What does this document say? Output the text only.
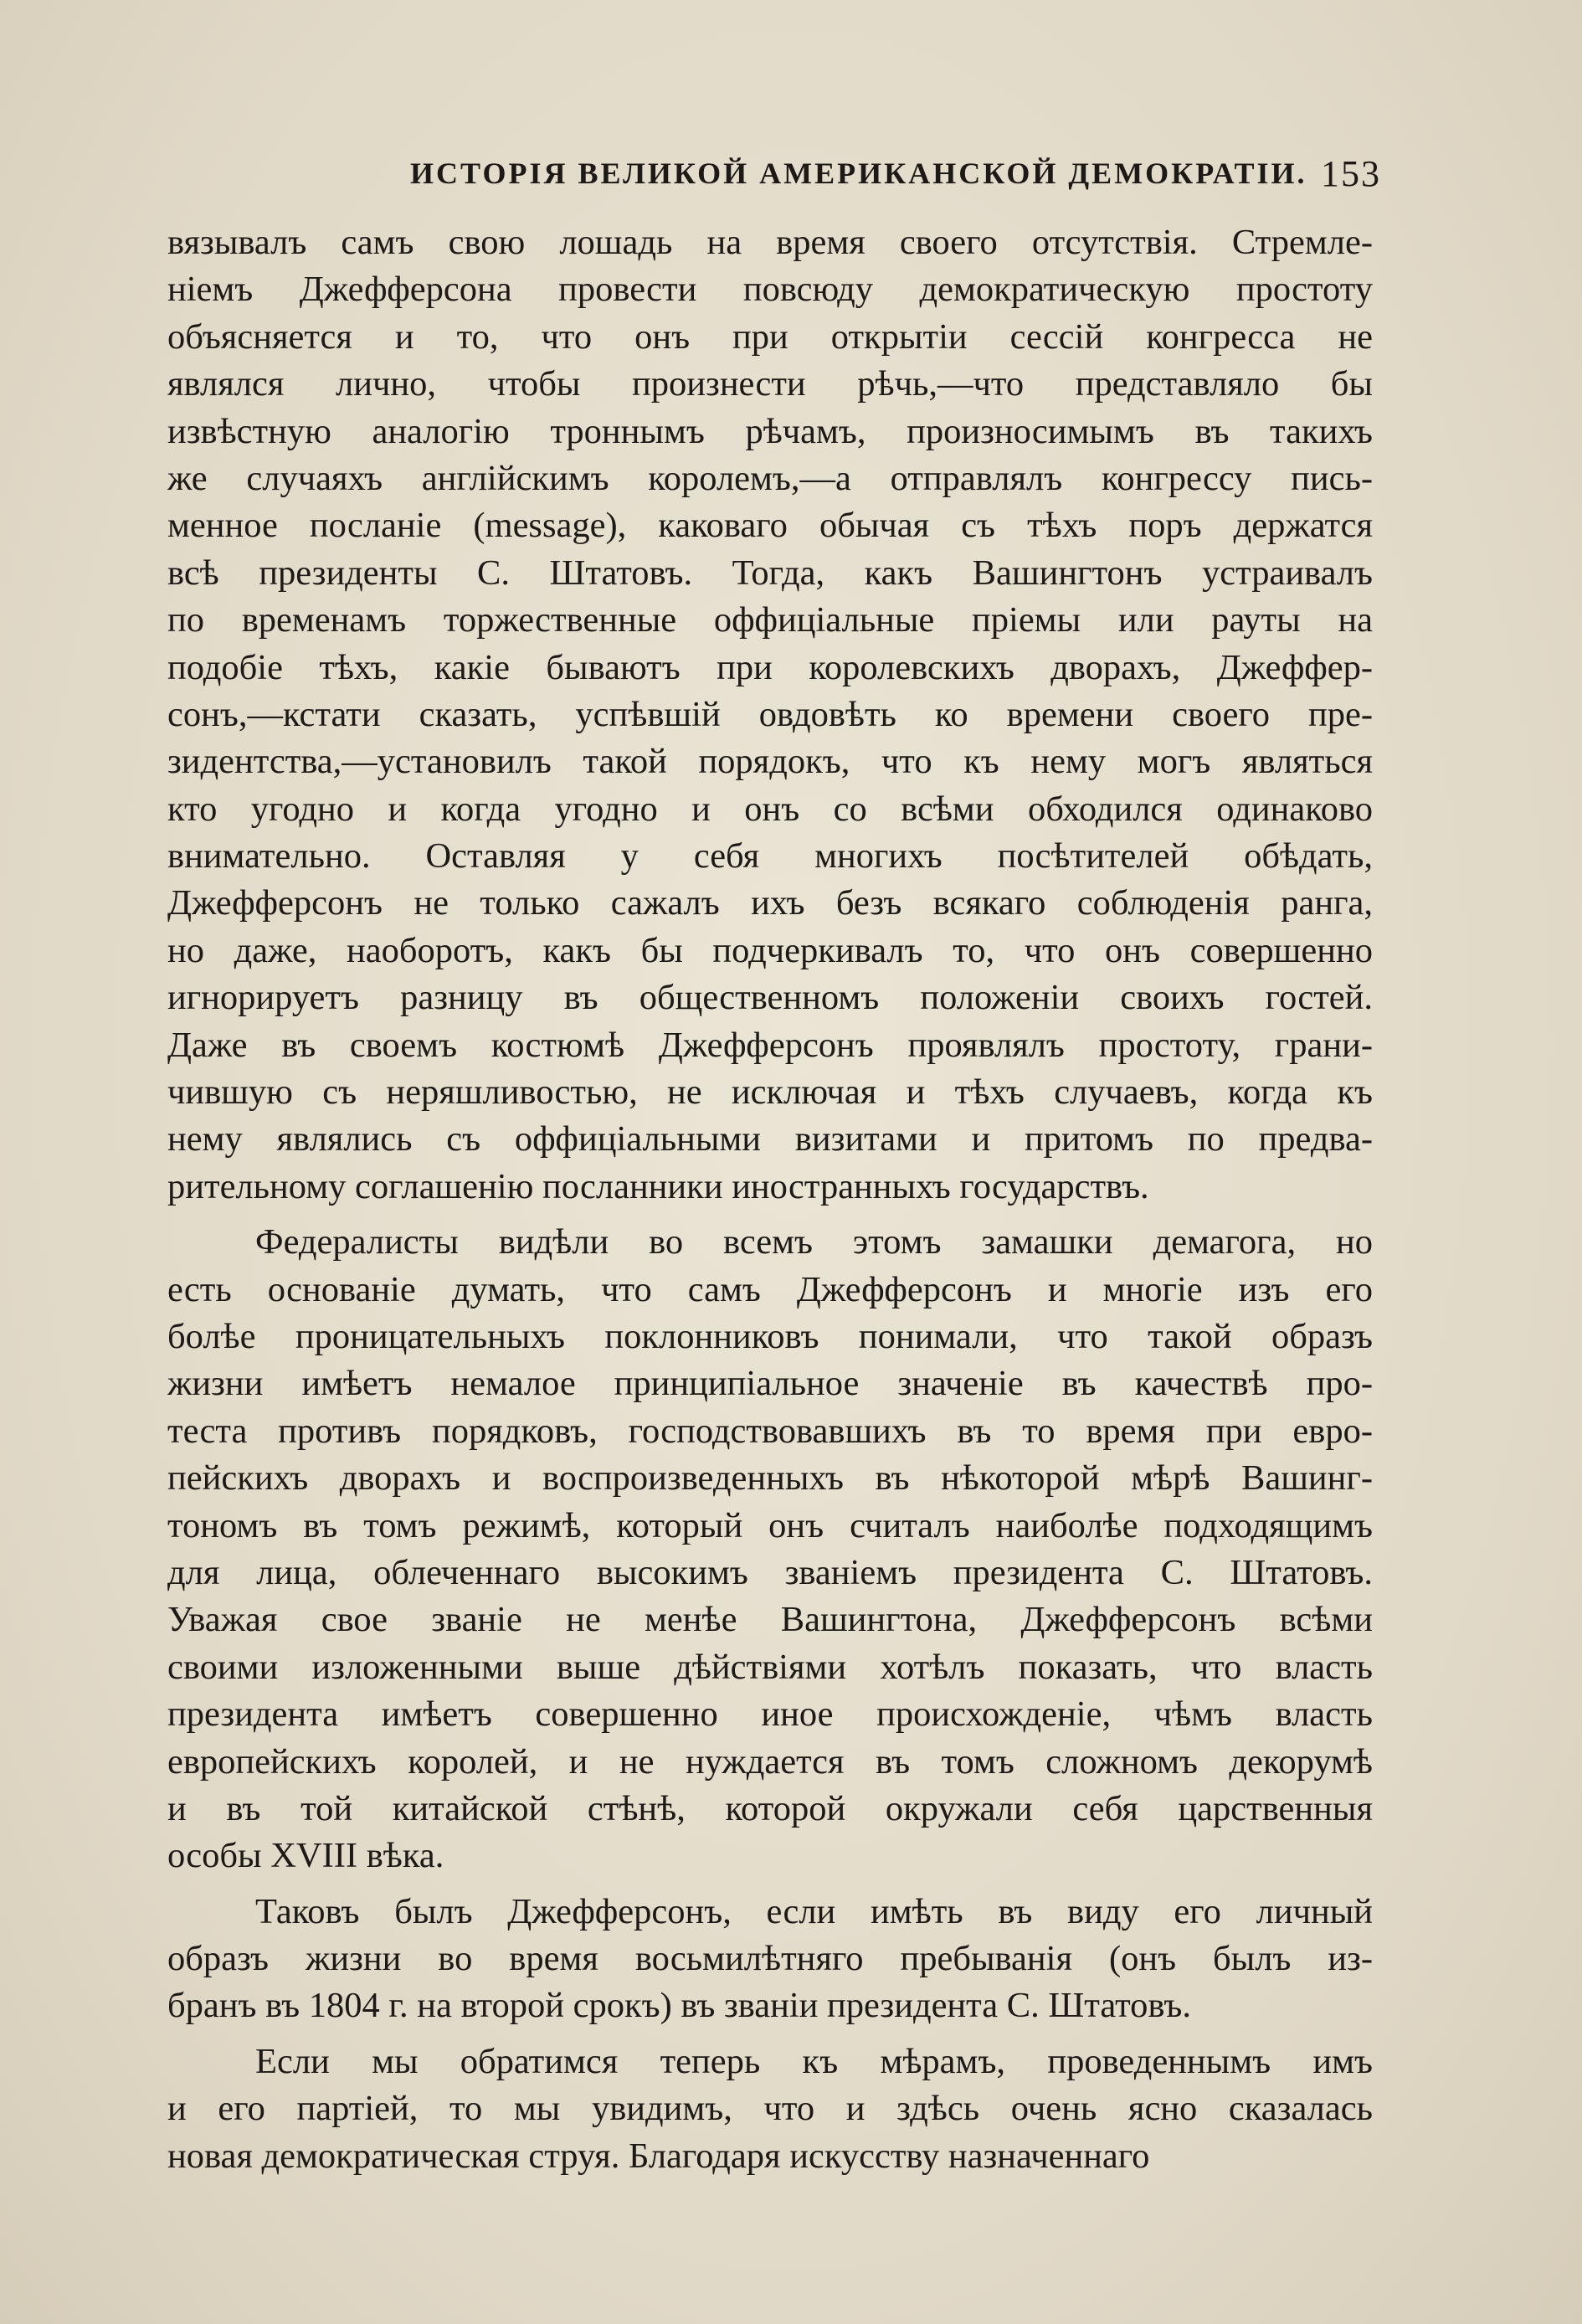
ИСТОРІЯ ВЕЛИКОЙ АМЕРИКАНСКОЙ ДЕМОКРАТІИ. 153
вязывалъ самъ свою лошадь на время своего отсутствія. Стремле-
ніемъ Джефферсона провести повсюду демократическую простоту
объясняется и то, что онъ при открытіи сессій конгресса не
являлся лично, чтобы произнести рѣчь,—что представляло бы
извѣстную аналогію троннымъ рѣчамъ, произносимымъ въ такихъ
же случаяхъ англійскимъ королемъ,—а отправлялъ конгрессу пись-
менное посланіе (message), каковаго обычая съ тѣхъ поръ держатся
всѣ президенты С. Штатовъ. Тогда, какъ Вашингтонъ устраивалъ
по временамъ торжественные оффиціальные пріемы или рауты на
подобіе тѣхъ, какіе бываютъ при королевскихъ дворахъ, Джеффер-
сонъ,—кстати сказать, успѣвшій овдовѣть ко времени своего пре-
зидентства,—установилъ такой порядокъ, что къ нему могъ являться
кто угодно и когда угодно и онъ со всѣми обходился одинаково
внимательно. Оставляя у себя многихъ посѣтителей обѣдать,
Джефферсонъ не только сажалъ ихъ безъ всякаго соблюденія ранга,
но даже, наоборотъ, какъ бы подчеркивалъ то, что онъ совершенно
игнорируетъ разницу въ общественномъ положеніи своихъ гостей.
Даже въ своемъ костюмѣ Джефферсонъ проявлялъ простоту, грани-
чившую съ неряшливостью, не исключая и тѣхъ случаевъ, когда къ
нему являлись съ оффиціальными визитами и притомъ по предва-
рительному соглашенію посланники иностранныхъ государствъ.
Федералисты видѣли во всемъ этомъ замашки демагога, но
есть основаніе думать, что самъ Джефферсонъ и многіе изъ его
болѣе проницательныхъ поклонниковъ понимали, что такой образъ
жизни имѣетъ немалое принципіальное значеніе въ качествѣ про-
теста противъ порядковъ, господствовавшихъ въ то время при евро-
пейскихъ дворахъ и воспроизведенныхъ въ нѣкоторой мѣрѣ Вашинг-
тономъ въ томъ режимѣ, который онъ считалъ наиболѣе подходящимъ
для лица, облеченнаго высокимъ званіемъ президента С. Штатовъ.
Уважая свое званіе не менѣе Вашингтона, Джефферсонъ всѣми
своими изложенными выше дѣйствіями хотѣлъ показать, что власть
президента имѣетъ совершенно иное происхожденіе, чѣмъ власть
европейскихъ королей, и не нуждается въ томъ сложномъ декорумѣ
и въ той китайской стѣнѣ, которой окружали себя царственныя
особы XVIII вѣка.
Таковъ былъ Джефферсонъ, если имѣть въ виду его личный
образъ жизни во время восьмилѣтняго пребыванія (онъ былъ из-
бранъ въ 1804 г. на второй срокъ) въ званіи президента С. Штатовъ.
Если мы обратимся теперь къ мѣрамъ, проведеннымъ имъ
и его партіей, то мы увидимъ, что и здѣсь очень ясно сказалась
новая демократическая струя. Благодаря искусству назначеннаго
